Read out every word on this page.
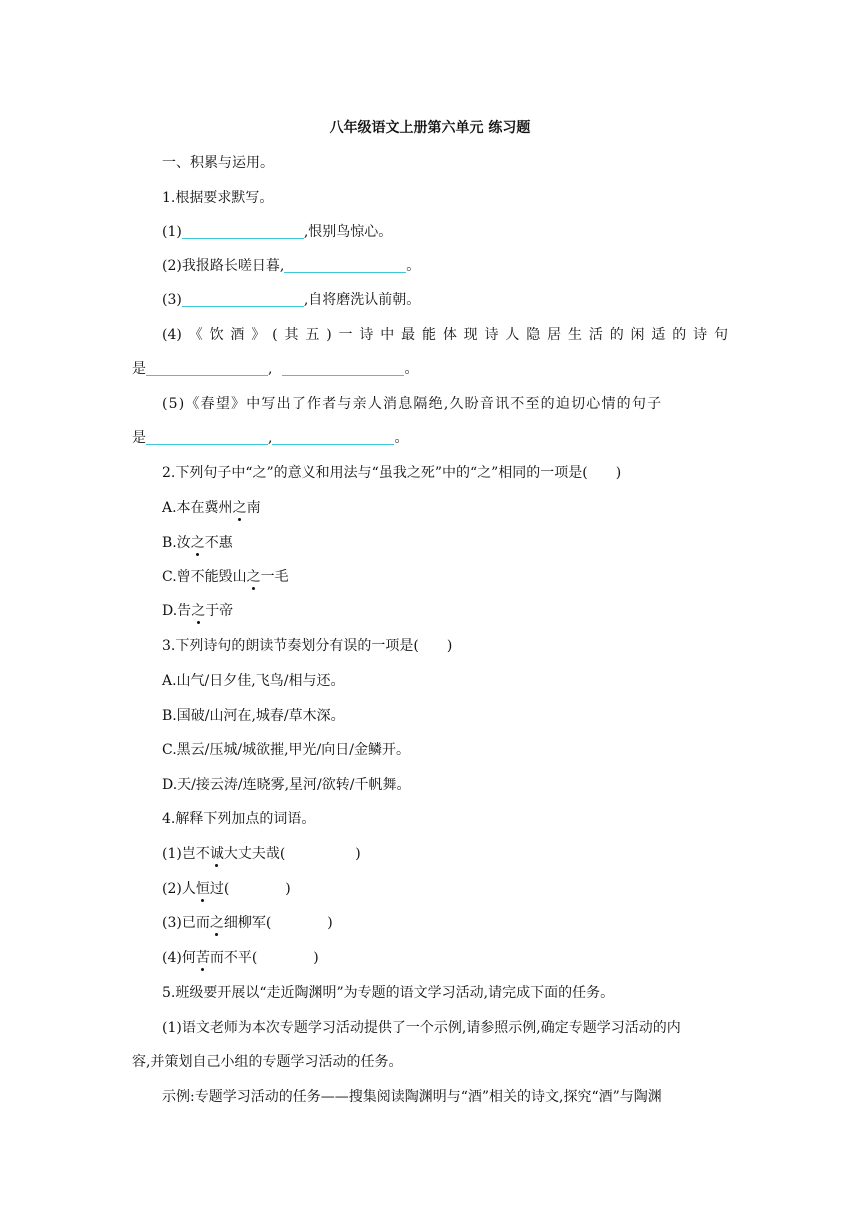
八年级语文上册第六单元 练习题
一、积累与运用。
1.根据要求默写。
(1)	,恨别鸟惊心。
(2)我报路长嗟日暮,	。
(3)	,自将磨洗认前朝。
(4) 《 饮 酒 》 ( 其 五 ) 一 诗 中 最 能 体 现 诗 人 隐 居 生 活 的 闲 适 的 诗 句
是	,	。
(5)《春望》中写出了作者与亲人消息隔绝,久盼音讯不至的迫切心情的句子
是	,	。
2.下列句子中“之”的意义和用法与“虽我之死”中的“之”相同的一项是(　　)
A.本在冀州之南
B.汝之不惠
C.曾不能毁山之一毛
D.告之于帝
3.下列诗句的朗读节奏划分有误的一项是(　　)
A.山气/日夕佳,飞鸟/相与还。
B.国破/山河在,城春/草木深。
C.黑云/压城/城欲摧,甲光/向日/金鳞开。
D.天/接云涛/连晓雾,星河/欲转/千帆舞。
4.解释下列加点的词语。
(1)岂不诚大丈夫哉(　　　　　)
(2)人恒过(　　　　)
(3)已而之细柳军(　　　　)
(4)何苦而不平(　　　　)
5.班级要开展以“走近陶渊明”为专题的语文学习活动,请完成下面的任务。
(1)语文老师为本次专题学习活动提供了一个示例,请参照示例,确定专题学习活动的内
容,并策划自己小组的专题学习活动的任务。
示例:专题学习活动的任务——搜集阅读陶渊明与“酒”相关的诗文,探究“酒”与陶渊
